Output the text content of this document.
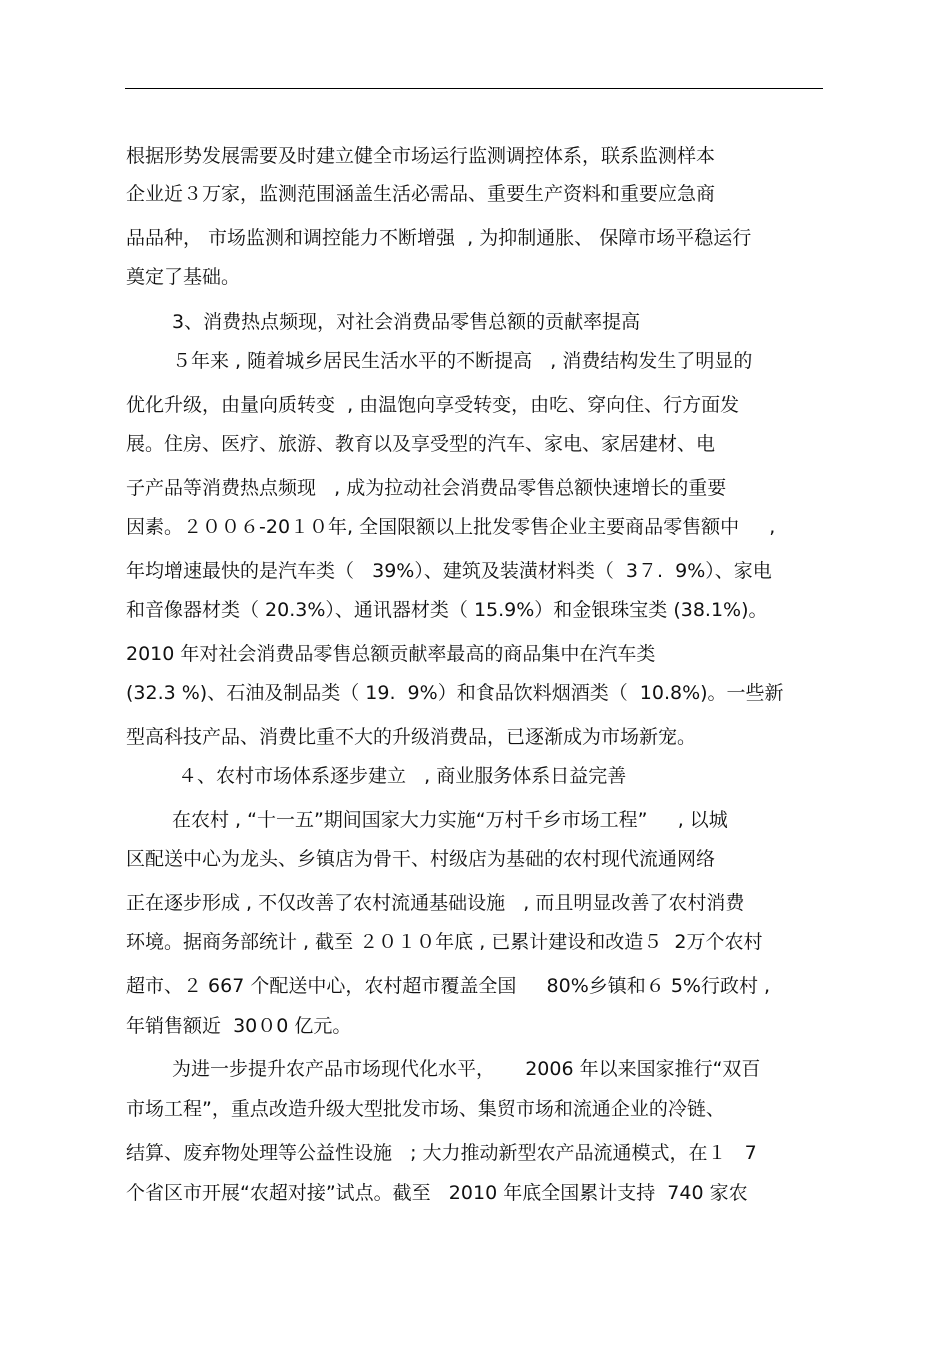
根据形势发展需要及时建立健全市场运行监测调控体系，联系监测样本
企业近３万家，监测范围涵盖生活必需品、重要生产资料和重要应急商
品品种， 市场监测和调控能力不断增强  , 为抑制通胀、 保障市场平稳运行
奠定了基础。
3、消费热点频现，对社会消费品零售总额的贡献率提高
５年来 , 随着城乡居民生活水平的不断提高   , 消费结构发生了明显的
优化升级，由量向质转变  , 由温饱向享受转变，由吃、穿向住、行方面发
展。住房、医疗、旅游、教育以及享受型的汽车、家电、家居建材、电
子产品等消费热点频现   , 成为拉动社会消费品零售总额快速增长的重要
因素。２００６-20１０年, 全国限额以上批发零售企业主要商品零售额中     ,
年均增速最快的是汽车类（   39%）、建筑及装潢材料类（  3７.  9%）、家电
和音像器材类（ 20.3%）、通讯器材类（ 15.9%）和金银珠宝类 (38.1%)。
2010 年对社会消费品零售总额贡献率最高的商品集中在汽车类
(32.3 %)、石油及制品类（ 19.  9%）和食品饮料烟酒类（  10.8%)。一些新
型高科技产品、消费比重不大的升级消费品，已逐渐成为市场新宠。
４、农村市场体系逐步建立   , 商业服务体系日益完善
在农村 , “十一五”期间国家大力实施“万村千乡市场工程”     , 以城
区配送中心为龙头、乡镇店为骨干、村级店为基础的农村现代流通网络
正在逐步形成 , 不仅改善了农村流通基础设施   , 而且明显改善了农村消费
环境。据商务部统计 , 截至 ２０１０年底 , 已累计建设和改造５  2万个农村
超市、２ 667 个配送中心，农村超市覆盖全国     80%乡镇和６ 5%行政村 ,
年销售额近  30０0 亿元。
为进一步提升农产品市场现代化水平，     2006 年以来国家推行“双百
市场工程”，重点改造升级大型批发市场、集贸市场和流通企业的冷链、
结算、废弃物处理等公益性设施   ; 大力推动新型农产品流通模式，在１   7
个省区市开展“农超对接”试点。截至   2010 年底全国累计支持  740 家农
